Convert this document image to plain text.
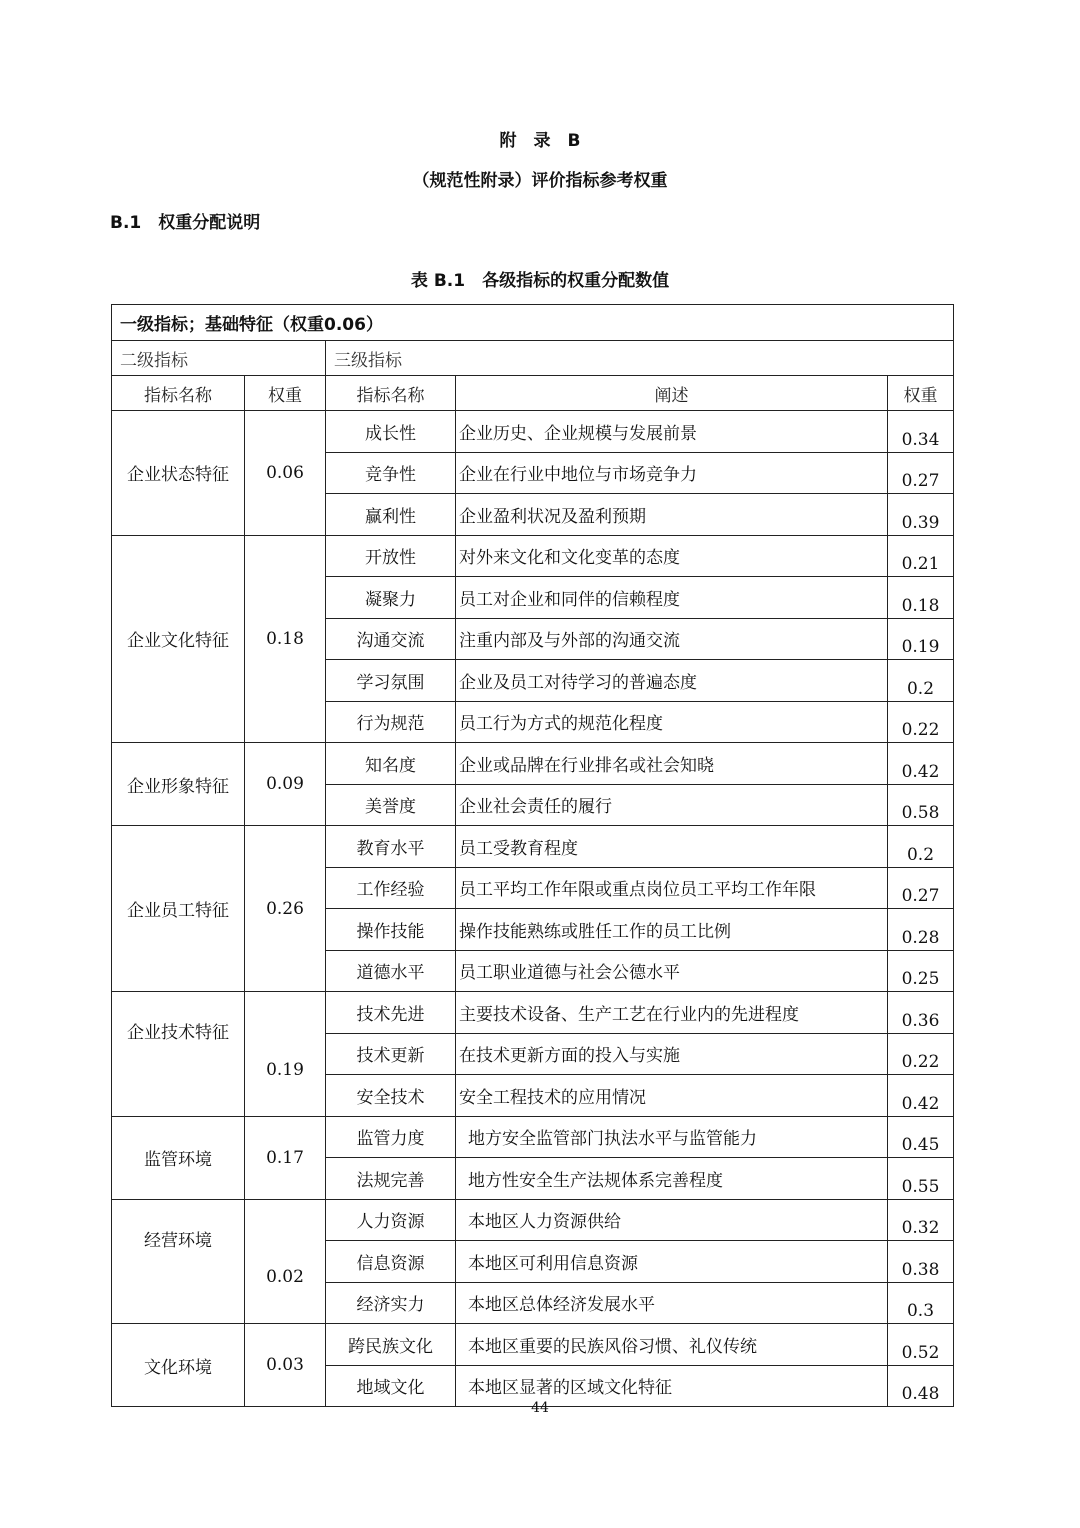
附　录　B
（规范性附录）评价指标参考权重
B.1　权重分配说明
表 B.1　各级指标的权重分配数值
一级指标；基础特征（权重0.06）				
二级指标		三级指标		
指标名称	权重	指标名称	阐述	权重
企业状态特征	0.06	成长性	企业历史、企业规模与发展前景	0.34
		竞争性	企业在行业中地位与市场竞争力	0.27
		赢利性	企业盈利状况及盈利预期	0.39
企业文化特征	0.18	开放性	对外来文化和文化变革的态度	0.21
		凝聚力	员工对企业和同伴的信赖程度	0.18
		沟通交流	注重内部及与外部的沟通交流	0.19
		学习氛围	企业及员工对待学习的普遍态度	0.2
		行为规范	员工行为方式的规范化程度	0.22
企业形象特征	0.09	知名度	企业或品牌在行业排名或社会知晓	0.42
		美誉度	企业社会责任的履行	0.58
企业员工特征	0.26	教育水平	员工受教育程度	0.2
		工作经验	员工平均工作年限或重点岗位员工平均工作年限	0.27
		操作技能	操作技能熟练或胜任工作的员工比例	0.28
		道德水平	员工职业道德与社会公德水平	0.25
企业技术特征	0.19	技术先进	主要技术设备、生产工艺在行业内的先进程度	0.36
		技术更新	在技术更新方面的投入与实施	0.22
		安全技术	安全工程技术的应用情况	0.42
监管环境	0.17	监管力度	地方安全监管部门执法水平与监管能力	0.45
		法规完善	地方性安全生产法规体系完善程度	0.55
经营环境	0.02	人力资源	本地区人力资源供给	0.32
		信息资源	本地区可利用信息资源	0.38
		经济实力	本地区总体经济发展水平	0.3
文化环境	0.03	跨民族文化	本地区重要的民族风俗习惯、礼仪传统	0.52
		地域文化	本地区显著的区域文化特征	0.48
44
